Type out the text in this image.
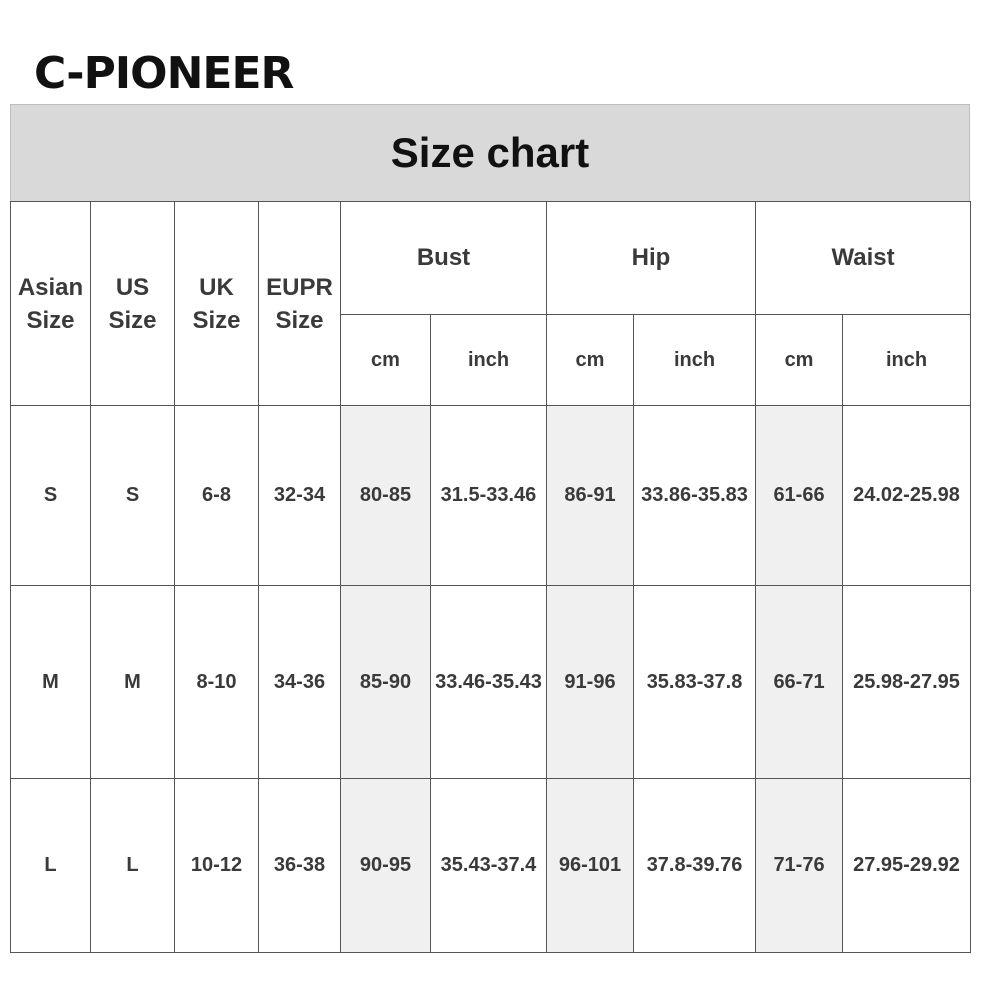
C-PIONEER
Size chart
Asian Size	US Size	UK Size	EUPR Size	Bust		Hip		Waist	
				cm	inch	cm	inch	cm	inch
S	S	6-8	32-34	80-85	31.5-33.46	86-91	33.86-35.83	61-66	24.02-25.98
M	M	8-10	34-36	85-90	33.46-35.43	91-96	35.83-37.8	66-71	25.98-27.95
L	L	10-12	36-38	90-95	35.43-37.4	96-101	37.8-39.76	71-76	27.95-29.92
